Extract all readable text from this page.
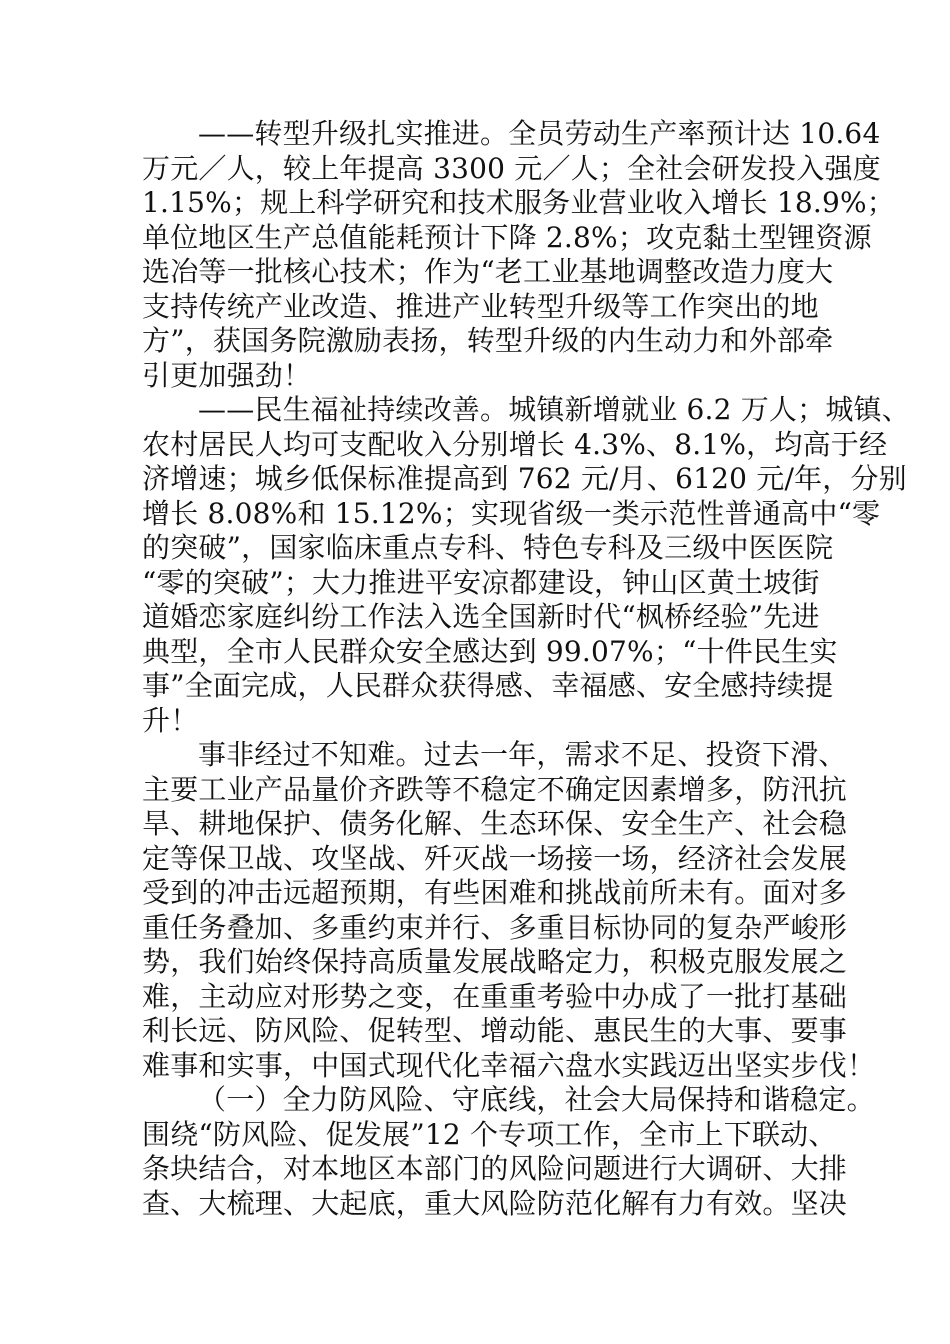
——转型升级扎实推进。全员劳动生产率预计达 10.64
万元／人，较上年提高 3300 元／人；全社会研发投入强度
1.15%；规上科学研究和技术服务业营业收入增长 18.9%；
单位地区生产总值能耗预计下降 2.8%；攻克黏土型锂资源
选冶等一批核心技术；作为“老工业基地调整改造力度大
支持传统产业改造、推进产业转型升级等工作突出的地
方”，获国务院激励表扬，转型升级的内生动力和外部牵
引更加强劲！
——民生福祉持续改善。城镇新增就业 6.2 万人；城镇、
农村居民人均可支配收入分别增长 4.3%、8.1%，均高于经
济增速；城乡低保标准提高到 762 元/月、6120 元/年，分别
增长 8.08%和 15.12%；实现省级一类示范性普通高中“零
的突破”，国家临床重点专科、特色专科及三级中医医院
“零的突破”；大力推进平安凉都建设，钟山区黄土坡街
道婚恋家庭纠纷工作法入选全国新时代“枫桥经验”先进
典型，全市人民群众安全感达到 99.07%；“十件民生实
事”全面完成，人民群众获得感、幸福感、安全感持续提
升！
事非经过不知难。过去一年，需求不足、投资下滑、
主要工业产品量价齐跌等不稳定不确定因素增多，防汛抗
旱、耕地保护、债务化解、生态环保、安全生产、社会稳
定等保卫战、攻坚战、歼灭战一场接一场，经济社会发展
受到的冲击远超预期，有些困难和挑战前所未有。面对多
重任务叠加、多重约束并行、多重目标协同的复杂严峻形
势，我们始终保持高质量发展战略定力，积极克服发展之
难，主动应对形势之变，在重重考验中办成了一批打基础
利长远、防风险、促转型、增动能、惠民生的大事、要事
难事和实事，中国式现代化幸福六盘水实践迈出坚实步伐！
（一）全力防风险、守底线，社会大局保持和谐稳定。
围绕“防风险、促发展”12 个专项工作，全市上下联动、
条块结合，对本地区本部门的风险问题进行大调研、大排
查、大梳理、大起底，重大风险防范化解有力有效。坚决
